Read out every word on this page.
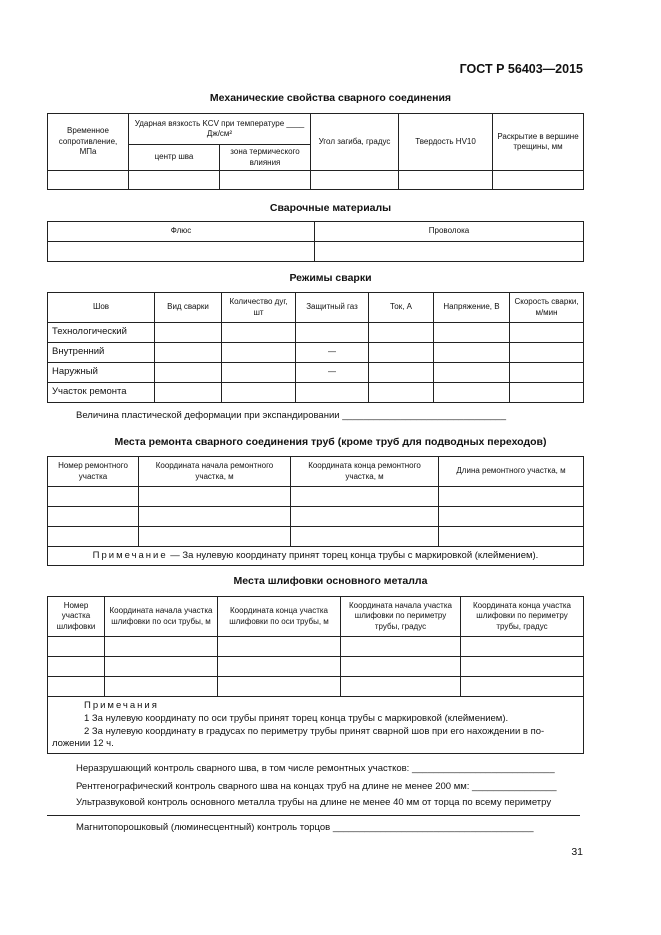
ГОСТ Р 56403—2015
Механические свойства сварного соединения
Временное сопротивление, МПа	Ударная вязкость KCV при температуре ____ Дж/см²		Угол загиба, градус	Твердость HV10	Раскрытие в вершине трещины, мм
	центр шва	зона термического влияния			

Сварочные материалы
Флюс	Проволока

Режимы сварки
Шов	Вид сварки	Количество дуг, шт	Защитный газ	Ток, А	Напряжение, В	Скорость сварки, м/мин
Технологический						
Внутренний			—			
Наружный			—			
Участок ремонта						
Величина пластической деформации при экспандировании _______________________________
Места ремонта сварного соединения труб (кроме труб для подводных переходов)
Номер ремонтного участка	Координата начала ремонтного участка, м	Координата конца ремонтного участка, м	Длина ремонтного участка, м

Примечание — За нулевую координату принят торец конца трубы с маркировкой (клеймением).			
Места шлифовки основного металла
Номер участка шлифовки	Координата начала участка шлифовки по оси трубы, м	Координата конца участка шлифовки по оси трубы, м	Координата начала участка шлифовки по периметру трубы, градус	Координата конца участка шлифовки по периметру трубы, градус

Примечания
1 За нулевую координату по оси трубы принят торец конца трубы с маркировкой (клеймением).
2 За нулевую координату в градусах по периметру трубы принят сварной шов при его нахождении в по-
ложении 12 ч.				
Неразрушающий контроль сварного шва, в том числе ремонтных участков: ___________________________
Рентгенографический контроль сварного шва на концах труб на длине не менее 200 мм: ________________
Ультразвуковой контроль основного металла трубы на длине не менее 40 мм от торца по всему периметру
Магнитопорошковый (люминесцентный) контроль торцов ______________________________________
31
